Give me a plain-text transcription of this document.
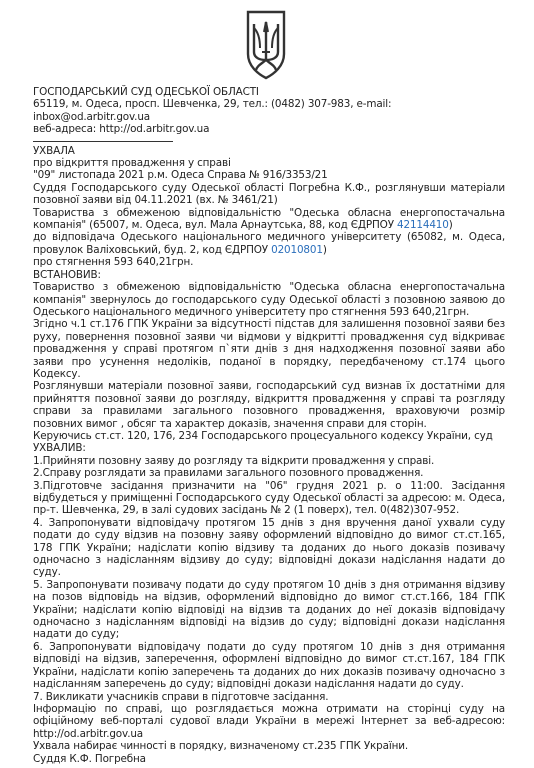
ГОСПОДАРСЬКИЙ СУД ОДЕСЬКОЇ ОБЛАСТІ

65119, м. Одеса, просп. Шевченка, 29, тел.: (0482) 307-983, e-mail: inbox@od.arbitr.gov.ua

веб-адреса: http://od.arbitr.gov.ua

УХВАЛА

про відкриття провадження у справі

"09" листопада 2021 р.м. Одеса Справа № 916/3353/21

Суддя Господарського суду Одеської області Погребна К.Ф., розглянувши матеріали позовної заяви від 04.11.2021 (вх. № 3461/21)

Товариства з обмеженою відповідальністю "Одеська обласна енергопостачальна компанія" (65007, м. Одеса, вул. Мала Арнаутська, 88, код ЄДРПОУ 42114410)

до відповідача Одеського національного медичного університету (65082, м. Одеса, провулок Валіховський, буд. 2, код ЄДРПОУ 02010801)

про стягнення 593 640,21грн.

ВСТАНОВИВ:

Товариство з обмеженою відповідальністю "Одеська обласна енергопостачальна компанія" звернулось до господарського суду Одеської області з позовною заявою до Одеського національного медичного університету про стягнення 593 640,21грн.

Згідно ч.1 ст.176 ГПК України за відсутності підстав для залишення позовної заяви без руху, повернення позовної заяви чи відмови у відкритті провадження суд відкриває провадження у справі протягом п`яти днів з дня надходження позовної заяви або заяви про усунення недоліків, поданої в порядку, передбаченому ст.174 цього Кодексу.

Розглянувши матеріали позовної заяви, господарський суд визнав їх достатніми для прийняття позовної заяви до розгляду, відкриття провадження у справі та розгляду справи за правилами загального позовного провадження, враховуючи розмір позовних вимог , обсяг та характер доказів, значення справи для сторін.

Керуючись ст.ст. 120, 176, 234 Господарського процесуального кодексу України, суд

УХВАЛИВ:

1.Прийняти позовну заяву до розгляду та відкрити провадження у справі.

2.Справу розглядати за правилами загального позовного провадження.

3.Підготовче засідання призначити на "06" грудня 2021 р. о 11:00. Засідання відбудеться у приміщенні Господарського суду Одеської області за адресою: м. Одеса, пр-т. Шевченка, 29, в залі судових засідань № 2 (1 поверх), тел. 0(482)307-952.

4. Запропонувати відповідачу протягом 15 днів з дня вручення даної ухвали суду подати до суду відзив на позовну заяву оформлений відповідно до вимог ст.ст.165, 178 ГПК України; надіслати копію відзиву та доданих до нього доказів позивачу одночасно з надісланням відзиву до суду; відповідні докази надіслання надати до суду.

5. Запропонувати позивачу подати до суду протягом 10 днів з дня отримання відзиву на позов відповідь на відзив, оформлений відповідно до вимог ст.ст.166, 184 ГПК України; надіслати копію відповіді на відзив та доданих до неї доказів відповідачу одночасно з надісланням відповіді на відзив до суду; відповідні докази надіслання надати до суду;

6. Запропонувати відповідачу подати до суду протягом 10 днів з дня отримання відповіді на відзив, заперечення, оформлені відповідно до вимог ст.ст.167, 184 ГПК України, надіслати копію заперечень та доданих до них доказів позивачу одночасно з надісланням заперечень до суду; відповідні докази надіслання надати до суду.

7. Викликати учасників справи в підготовче засідання.

Інформацію по справі, що розглядається можна отримати на сторінці суду на офіційному веб-порталі судової влади України в мережі Інтернет за веб-адресою: http://od.arbitr.gov.ua

Ухвала набирає чинності в порядку, визначеному ст.235 ГПК України.

Суддя К.Ф. Погребна
